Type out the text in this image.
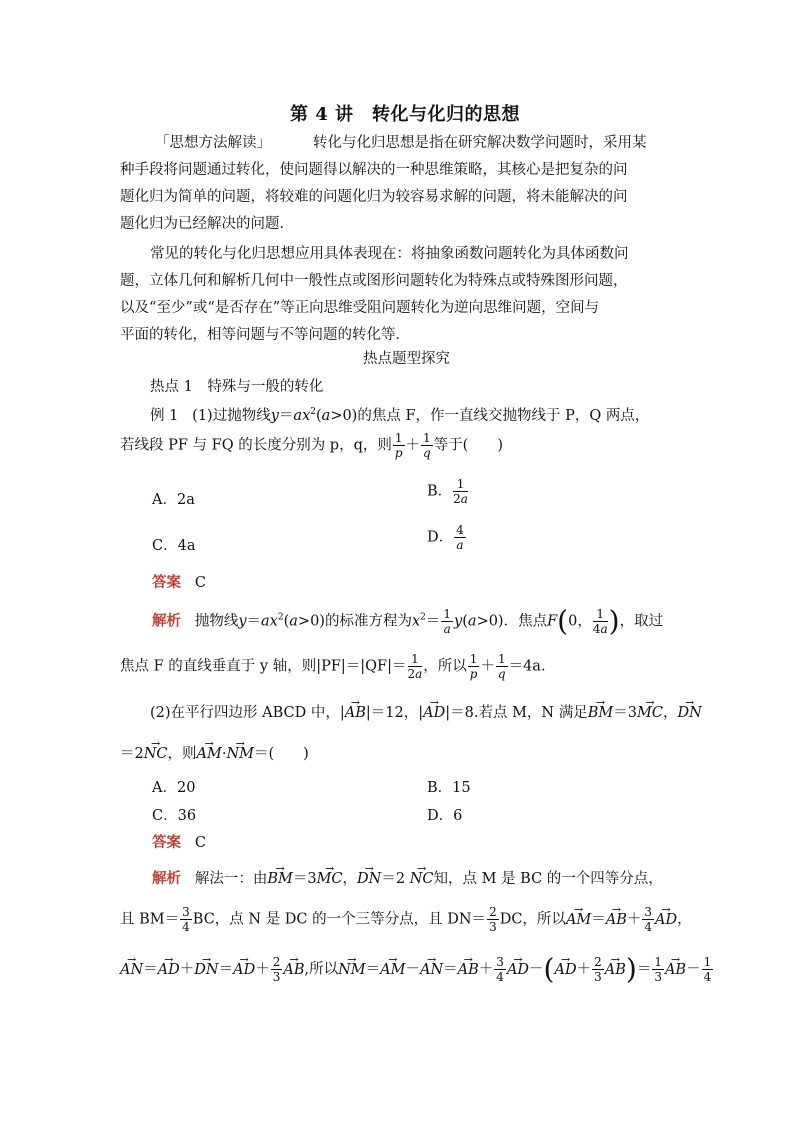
第 4 讲　转化与化归的思想
「思想方法解读」	转化与化归思想是指在研究解决数学问题时，采用某
种手段将问题通过转化，使问题得以解决的一种思维策略，其核心是把复杂的问
题化归为简单的问题，将较难的问题化归为较容易求解的问题，将未能解决的问
题化归为已经解决的问题．
常见的转化与化归思想应用具体表现在：将抽象函数问题转化为具体函数问
题，立体几何和解析几何中一般性点或图形问题转化为特殊点或特殊图形问题，
以及“至少”或“是否存在”等正向思维受阻问题转化为逆向思维问题，空间与
平面的转化，相等问题与不等问题的转化等．
热点题型探究
热点 1　特殊与一般的转化
例 1 (1)过抛物线$y=ax^2(a>0)$的焦点 F，作一直线交抛物线于 P，Q 两点，
若线段 PF 与 FQ 的长度分别为 p，q，则 $\frac{1}{p} + \frac{1}{q}$ 等于(　　)
A．2a
B． $\frac{1}{2a}$
C．4a
D． $\frac{4}{a}$
答案 C
解析 抛物线$y=ax^2(a>0)$的标准方程为$x^2= \frac{1}{a} y(a>0)$．焦点F(0， $\frac{1}{4a}$ )，取过
焦点 F 的直线垂直于 y 轴，则$|PF|=|QF|= \frac{1}{2a}$ ，所以 $\frac{1}{p} + \frac{1}{q} =4a$.
(2)在平行四边形 ABCD 中，|→ AB|＝12，|→ AD|＝8.若点 M，N 满足→ BM＝3→ MC，→ DN
＝2→ NC，则→ AM·→ NM＝(　　)
A．20	B．15
C．36	D．6
答案 C
解析 解法一：由→ BM＝3→ MC，→ DN＝2 → NC知，点 M 是 BC 的一个四等分点，
且 $BM= \frac{3}{4}$ BC，点 N 是 DC 的一个三等分点，且 $DN= \frac{2}{3}$ DC，所以→ $AM=\to AB+ \frac{3}{4}$
→ AD，
→ $AN=\to AD+\to DN=\to AD+ \frac{2}{3}$
→ AB,所以→ $NM=\to AM-\to AN=\to AB+ \frac{3}{4}$
→ $AD-(\to AD+ \frac{2}{3}$
→ $AB)= \frac{1}{3}$
→ $AB- \frac{1}{4}$
